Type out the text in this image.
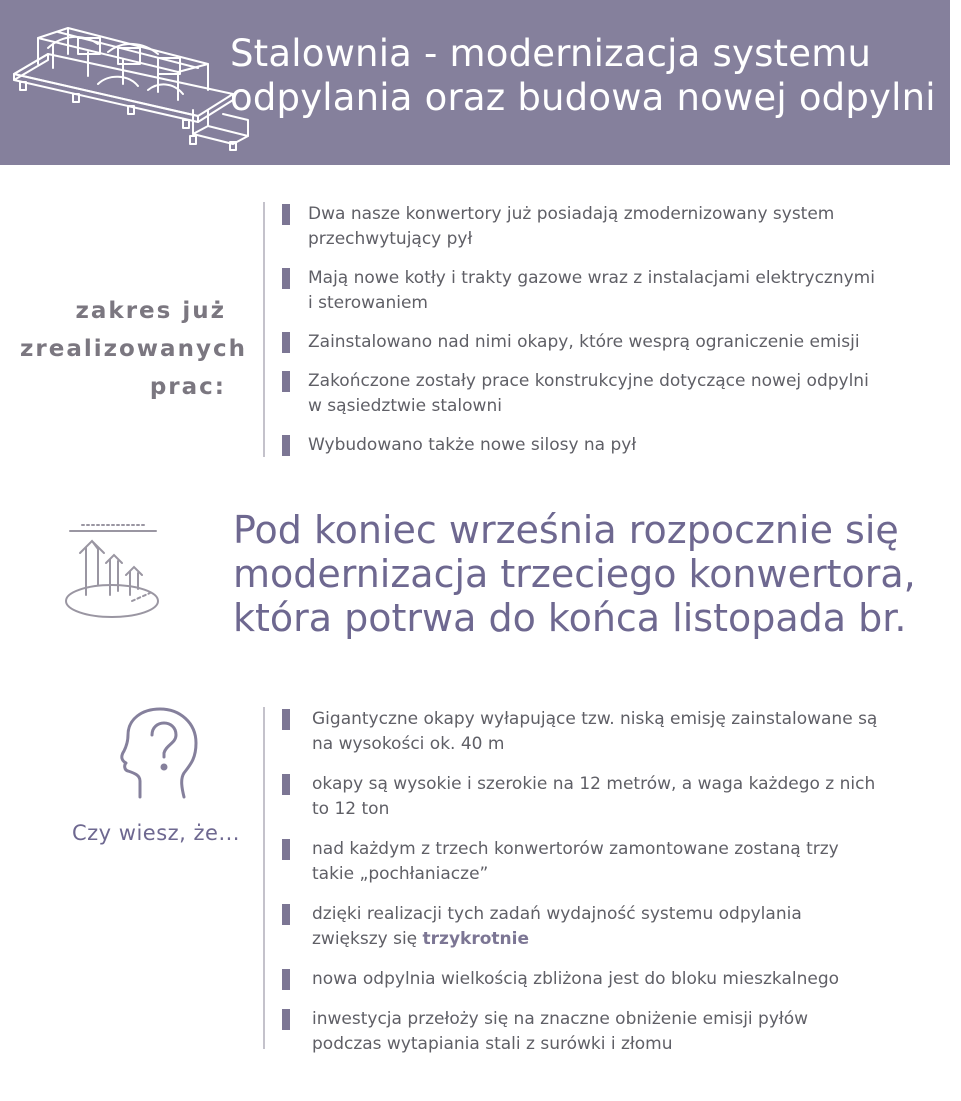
Stalownia - modernizacja systemu odpylania oraz budowa nowej odpylni
zakres już zrealizowanych prac:
Dwa nasze konwertory już posiadają zmodernizowany system przechwytujący pył
Mają nowe kotły i trakty gazowe wraz z instalacjami elektrycznymi i sterowaniem
Zainstalowano nad nimi okapy, które wesprą ograniczenie emisji
Zakończone zostały prace konstrukcyjne dotyczące nowej odpylni w sąsiedztwie stalowni
Wybudowano także nowe silosy na pył

Pod koniec września rozpocznie się modernizacja trzeciego konwertora, która potrwa do końca listopada br.

Czy wiesz, że...
Gigantyczne okapy wyłapujące tzw. niską emisję zainstalowane są na wysokości ok. 40 m
okapy są wysokie i szerokie na 12 metrów, a waga każdego z nich to 12 ton
nad każdym z trzech konwertorów zamontowane zostaną trzy takie „pochłaniacze”
dzięki realizacji tych zadań wydajność systemu odpylania zwiększy się trzykrotnie
nowa odpylnia wielkością zbliżona jest do bloku mieszkalnego
inwestycja przełoży się na znaczne obniżenie emisji pyłów podczas wytapiania stali z surówki i złomu
